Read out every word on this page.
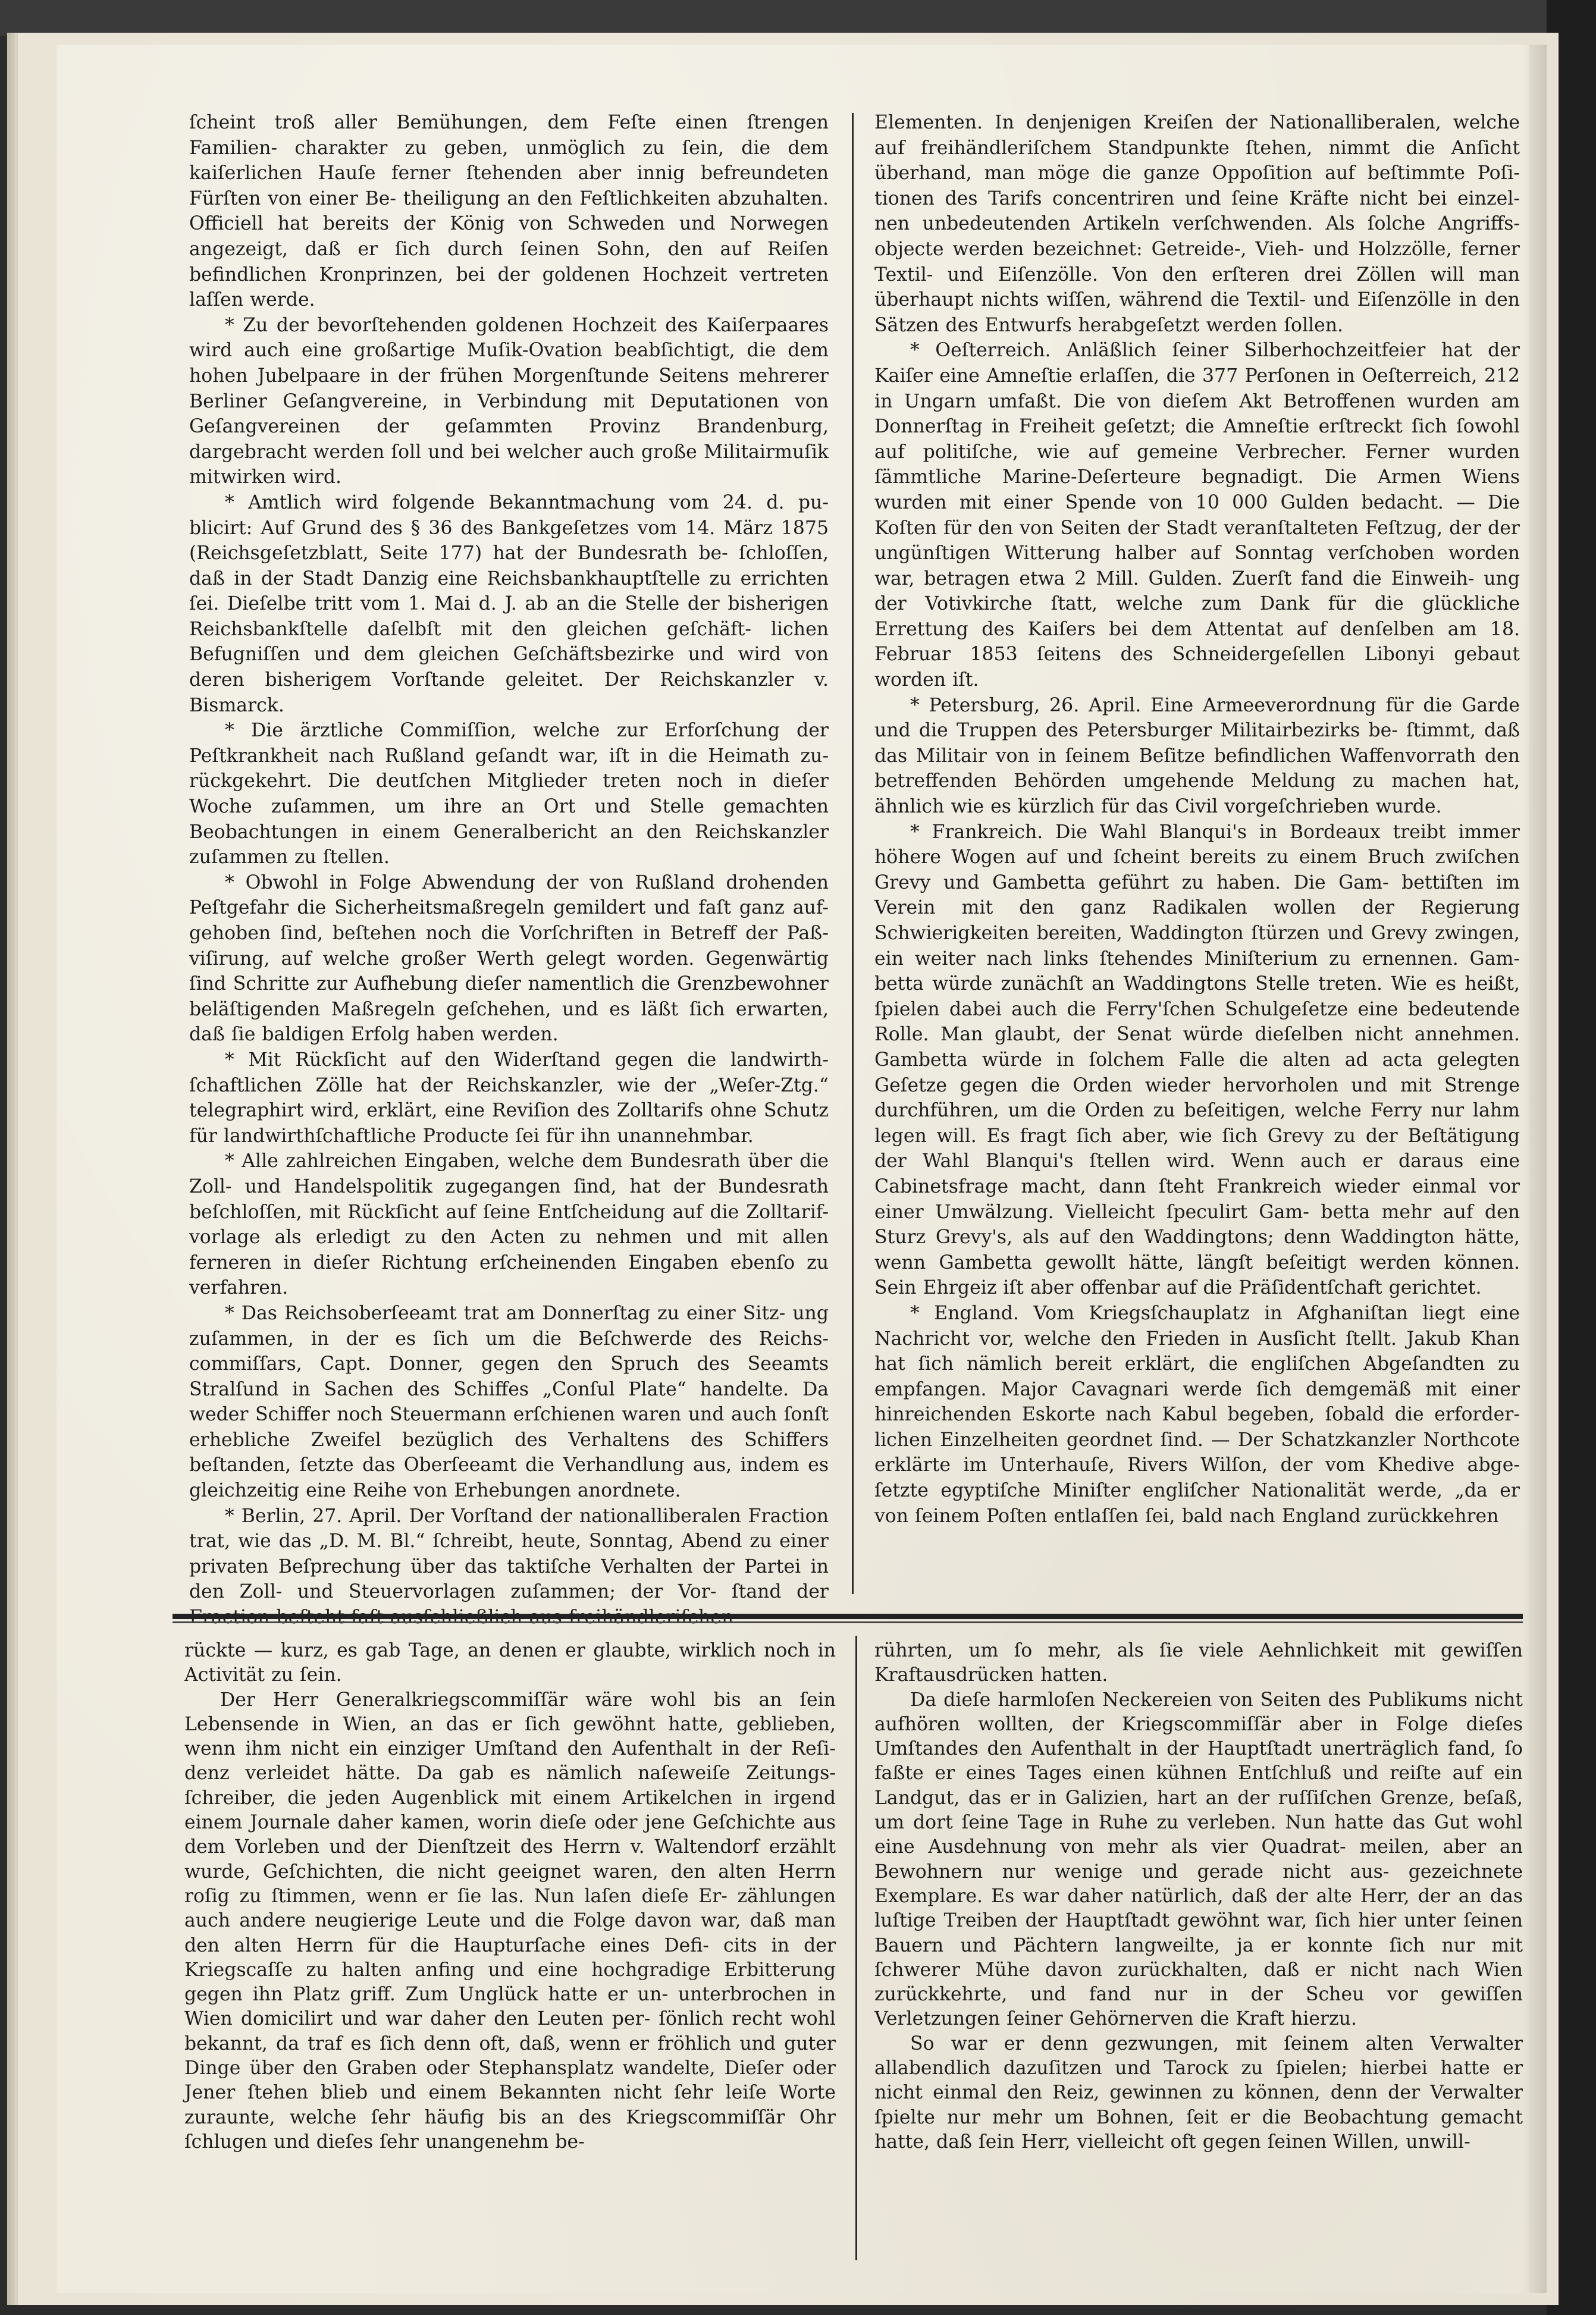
ſcheint troß aller Bemühungen, dem Feſte einen ſtrengen Familien- charakter zu geben, unmöglich zu ſein, die dem kaiſerlichen Hauſe ferner ſtehenden aber innig befreundeten Fürſten von einer Be- theiligung an den Feſtlichkeiten abzuhalten. Officiell hat bereits der König von Schweden und Norwegen angezeigt, daß er ſich durch ſeinen Sohn, den auf Reiſen befindlichen Kronprinzen, bei der goldenen Hochzeit vertreten laſſen werde.

* Zu der bevorſtehenden goldenen Hochzeit des Kaiſerpaares wird auch eine großartige Muſik-Ovation beabſichtigt, die dem hohen Jubelpaare in der frühen Morgenſtunde Seitens mehrerer Berliner Geſangvereine, in Verbindung mit Deputationen von Geſangvereinen der geſammten Provinz Brandenburg, dargebracht werden ſoll und bei welcher auch große Militairmuſik mitwirken wird.

* Amtlich wird folgende Bekanntmachung vom 24. d. pu- blicirt: Auf Grund des § 36 des Bankgeſetzes vom 14. März 1875 (Reichsgeſetzblatt, Seite 177) hat der Bundesrath be- ſchloſſen, daß in der Stadt Danzig eine Reichsbankhauptſtelle zu errichten ſei. Dieſelbe tritt vom 1. Mai d. J. ab an die Stelle der bisherigen Reichsbankſtelle daſelbſt mit den gleichen geſchäft- lichen Befugniſſen und dem gleichen Geſchäftsbezirke und wird von deren bisherigem Vorſtande geleitet. Der Reichskanzler v. Bismarck.

* Die ärztliche Commiſſion, welche zur Erforſchung der Peſtkrankheit nach Rußland geſandt war, iſt in die Heimath zu- rückgekehrt. Die deutſchen Mitglieder treten noch in dieſer Woche zuſammen, um ihre an Ort und Stelle gemachten Beobachtungen in einem Generalbericht an den Reichskanzler zuſammen zu ſtellen.

* Obwohl in Folge Abwendung der von Rußland drohenden Peſtgefahr die Sicherheitsmaßregeln gemildert und faſt ganz auf- gehoben ſind, beſtehen noch die Vorſchriften in Betreff der Paß- viſirung, auf welche großer Werth gelegt worden. Gegenwärtig ſind Schritte zur Aufhebung dieſer namentlich die Grenzbewohner beläſtigenden Maßregeln geſchehen, und es läßt ſich erwarten, daß ſie baldigen Erfolg haben werden.

* Mit Rückſicht auf den Widerſtand gegen die landwirth- ſchaftlichen Zölle hat der Reichskanzler, wie der „Weſer-Ztg.“ telegraphirt wird, erklärt, eine Reviſion des Zolltarifs ohne Schutz für landwirthſchaftliche Producte ſei für ihn unannehmbar.

* Alle zahlreichen Eingaben, welche dem Bundesrath über die Zoll- und Handelspolitik zugegangen ſind, hat der Bundesrath beſchloſſen, mit Rückſicht auf ſeine Entſcheidung auf die Zolltarif- vorlage als erledigt zu den Acten zu nehmen und mit allen ferneren in dieſer Richtung erſcheinenden Eingaben ebenſo zu verfahren.

* Das Reichsoberſeeamt trat am Donnerſtag zu einer Sitz- ung zuſammen, in der es ſich um die Beſchwerde des Reichs- commiſſars, Capt. Donner, gegen den Spruch des Seeamts Stralſund in Sachen des Schiffes „Conſul Plate“ handelte. Da weder Schiffer noch Steuermann erſchienen waren und auch ſonſt erhebliche Zweifel bezüglich des Verhaltens des Schiffers beſtanden, ſetzte das Oberſeeamt die Verhandlung aus, indem es gleichzeitig eine Reihe von Erhebungen anordnete.

* Berlin, 27. April. Der Vorſtand der nationalliberalen Fraction trat, wie das „D. M. Bl.“ ſchreibt, heute, Sonntag, Abend zu einer privaten Beſprechung über das taktiſche Verhalten der Partei in den Zoll- und Steuervorlagen zuſammen; der Vor- ſtand der

Elementen. In denjenigen Kreiſen der Nationalliberalen, welche auf freihändleriſchem Standpunkte ſtehen, nimmt die Anſicht überhand, man möge die ganze Oppoſition auf beſtimmte Poſi- tionen des Tarifs concentriren und ſeine Kräfte nicht bei einzel- nen unbedeutenden Artikeln verſchwenden. Als ſolche Angriffs- objecte werden bezeichnet: Getreide-, Vieh- und Holzzölle, ferner Textil- und Eiſenzölle. Von den erſteren drei Zöllen will man überhaupt nichts wiſſen, während die Textil- und Eiſenzölle in den Sätzen des Entwurfs herabgeſetzt werden ſollen.

* Oeſterreich. Anläßlich ſeiner Silberhochzeitfeier hat der Kaiſer eine Amneſtie erlaſſen, die 377 Perſonen in Oeſterreich, 212 in Ungarn umfaßt. Die von dieſem Akt Betroffenen wurden am Donnerſtag in Freiheit geſetzt; die Amneſtie erſtreckt ſich ſowohl auf politiſche, wie auf gemeine Verbrecher. Ferner wurden ſämmtliche Marine-Deſerteure begnadigt. Die Armen Wiens wurden mit einer Spende von 10 000 Gulden bedacht. — Die Koſten für den von Seiten der Stadt veranſtalteten Feſtzug, der der ungünſtigen Witterung halber auf Sonntag verſchoben worden war, betragen etwa 2 Mill. Gulden. Zuerſt fand die Einweih- ung der Votivkirche ſtatt, welche zum Dank für die glückliche Errettung des Kaiſers bei dem Attentat auf denſelben am 18. Februar 1853 ſeitens des Schneidergeſellen Libonyi gebaut worden iſt.

* Petersburg, 26. April. Eine Armeeverordnung für die Garde und die Truppen des Petersburger Militairbezirks be- ſtimmt, daß das Militair von in ſeinem Beſitze befindlichen Waffenvorrath den betreffenden Behörden umgehende Meldung zu machen hat, ähnlich wie es kürzlich für das Civil vorgeſchrieben wurde.

* Frankreich. Die Wahl Blanqui's in Bordeaux treibt immer höhere Wogen auf und ſcheint bereits zu einem Bruch zwiſchen Grevy und Gambetta geführt zu haben. Die Gam- bettiſten im Verein mit den ganz Radikalen wollen der Regierung Schwierigkeiten bereiten, Waddington ſtürzen und Grevy zwingen, ein weiter nach links ſtehendes Miniſterium zu ernennen. Gam- betta würde zunächſt an Waddingtons Stelle treten. Wie es heißt, ſpielen dabei auch die Ferry'ſchen Schulgeſetze eine bedeutende Rolle. Man glaubt, der Senat würde dieſelben nicht annehmen. Gambetta würde in ſolchem Falle die alten ad acta gelegten Geſetze gegen die Orden wieder hervorholen und mit Strenge durchführen, um die Orden zu beſeitigen, welche Ferry nur lahm legen will. Es fragt ſich aber, wie ſich Grevy zu der Beſtätigung der Wahl Blanqui's ſtellen wird. Wenn auch er daraus eine Cabinetsfrage macht, dann ſteht Frankreich wieder einmal vor einer Umwälzung. Vielleicht ſpeculirt Gam- betta mehr auf den Sturz Grevy's, als auf den Waddingtons; denn Waddington hätte, wenn Gambetta gewollt hätte, längſt beſeitigt werden können. Sein Ehrgeiz iſt aber offenbar auf die Präſidentſchaft gerichtet.

* England. Vom Kriegsſchauplatz in Afghaniſtan liegt eine Nachricht vor, welche den Frieden in Ausſicht ſtellt. Jakub Khan hat ſich nämlich bereit erklärt, die engliſchen Abgeſandten zu empfangen. Major Cavagnari werde ſich demgemäß mit einer hinreichenden Eskorte nach Kabul begeben, ſobald die erforder- lichen Einzelheiten geordnet ſind. — Der Schatzkanzler Northcote erklärte im Unterhauſe, Rivers Wilſon, der vom Khedive abge- ſetzte egyptiſche Miniſter engliſcher Nationalität werde, „da er von ſeinem Poſten entlaſſen ſei, bald nach England zurückkehren

rückte — kurz, es gab Tage, an denen er glaubte, wirklich noch in Activität zu ſein.

Der Herr Generalkriegscommiſſär wäre wohl bis an ſein Lebensende in Wien, an das er ſich gewöhnt hatte, geblieben, wenn ihm nicht ein einziger Umſtand den Aufenthalt in der Reſi- denz verleidet hätte. Da gab es nämlich naſeweiſe Zeitungs- ſchreiber, die jeden Augenblick mit einem Artikelchen in irgend einem Journale daher kamen, worin dieſe oder jene Geſchichte aus dem Vorleben und der Dienſtzeit des Herrn v. Waltendorf erzählt wurde, Geſchichten, die nicht geeignet waren, den alten Herrn roſig zu ſtimmen, wenn er ſie las. Nun laſen dieſe Er- zählungen auch andere neugierige Leute und die Folge davon war, daß man den alten Herrn für die Haupturſache eines Defi- cits in der Kriegscaſſe zu halten anfing und eine hochgradige Erbitterung gegen ihn Platz griff. Zum Unglück hatte er un- unterbrochen in Wien domicilirt und war daher den Leuten per- ſönlich recht wohl bekannt, da traf es ſich denn oft, daß, wenn er fröhlich und guter Dinge über den Graben oder Stephansplatz wandelte, Dieſer oder Jener ſtehen blieb und einem Bekannten nicht ſehr leiſe Worte zuraunte, welche ſehr häufig bis an des Kriegscommiſſär Ohr ſchlugen und dieſes ſehr unangenehm be-

rührten, um ſo mehr, als ſie viele Aehnlichkeit mit gewiſſen Kraftausdrücken hatten.

Da dieſe harmloſen Neckereien von Seiten des Publikums nicht aufhören wollten, der Kriegscommiſſär aber in Folge dieſes Umſtandes den Aufenthalt in der Hauptſtadt unerträglich fand, ſo faßte er eines Tages einen kühnen Entſchluß und reiſte auf ein Landgut, das er in Galizien, hart an der ruſſiſchen Grenze, beſaß, um dort ſeine Tage in Ruhe zu verleben. Nun hatte das Gut wohl eine Ausdehnung von mehr als vier Quadrat- meilen, aber an Bewohnern nur wenige und gerade nicht aus- gezeichnete Exemplare. Es war daher natürlich, daß der alte Herr, der an das luſtige Treiben der Hauptſtadt gewöhnt war, ſich hier unter ſeinen Bauern und Pächtern langweilte, ja er konnte ſich nur mit ſchwerer Mühe davon zurückhalten, daß er nicht nach Wien zurückkehrte, und fand nur in der Scheu vor gewiſſen Verletzungen ſeiner Gehörnerven die Kraft hierzu.

So war er denn gezwungen, mit ſeinem alten Verwalter allabendlich dazuſitzen und Tarock zu ſpielen; hierbei hatte er nicht einmal den Reiz, gewinnen zu können, denn der Verwalter ſpielte nur mehr um Bohnen, ſeit er die Beobachtung gemacht hatte, daß ſein Herr, vielleicht oft gegen ſeinen Willen, unwill-
